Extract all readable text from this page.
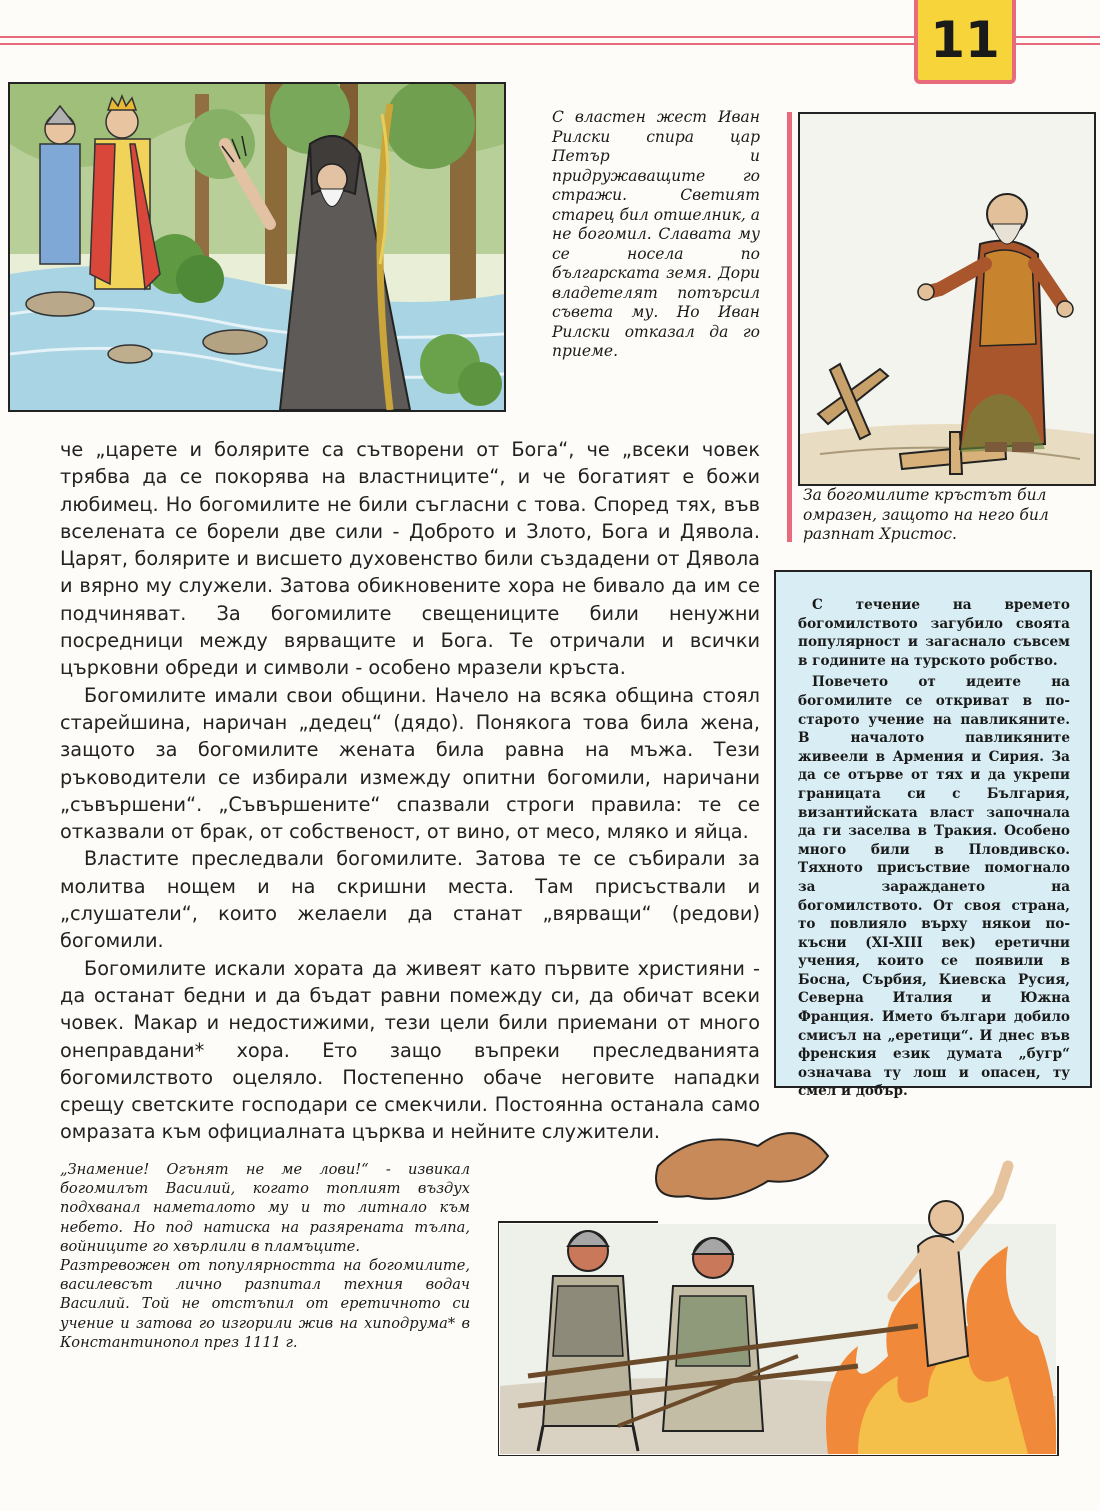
11

С властен жест Иван Рилски спира цар Петър и придружаващите го стражи. Светият старец бил отшелник, а не богомил. Славата му се носела по българската земя. Дори владетелят потърсил съвета му. Но Иван Рилски отказал да го приеме.

За богомилите кръстът бил омразен, защото на него бил разпнат Христос.

че „царете и болярите са сътворени от Бога“, че „всеки човек трябва да се покорява на властниците“, и че богатият е божи любимец. Но богомилите не били съгласни с това. Според тях, във вселената се борели две сили - Доброто и Злото, Бога и Дявола. Царят, болярите и висшето духовенство били създадени от Дявола и вярно му служели. Затова обикновените хора не бивало да им се подчиняват. За богомилите свещениците били ненужни посредници между вярващите и Бога. Те отричали и всички църковни обреди и символи - особено мразели кръста.

Богомилите имали свои общини. Начело на всяка община стоял старейшина, наричан „дедец“ (дядо). Понякога това била жена, защото за богомилите жената била равна на мъжа. Тези ръководители се избирали измежду опитни богомили, наричани „съвършени“. „Съвършените“ спазвали строги правила: те се отказвали от брак, от собственост, от вино, от месо, мляко и яйца.

Властите преследвали богомилите. Затова те се събирали за молитва нощем и на скришни места. Там присъствали и „слушатели“, които желаели да станат „вярващи“ (редови) богомили.

Богомилите искали хората да живеят като първите християни - да останат бедни и да бъдат равни помежду си, да обичат всеки човек. Макар и недостижими, тези цели били приемани от много онеправдани* хора. Ето защо въпреки преследванията богомилството оцеляло. Постепенно обаче неговите нападки срещу светските господари се смекчили. Постоянна останала само омразата към официалната църква и нейните служители.

С течение на времето богомилството загубило своята популярност и загаснало съвсем в годините на турското робство.

Повечето от идеите на богомилите се откриват в по-старото учение на павликяните. В началото павликяните живеели в Армения и Сирия. За да се отърве от тях и да укрепи границата си с България, византийската власт започнала да ги заселва в Тракия. Особено много били в Пловдивско. Тяхното присъствие помогнало за зараждането на богомилството. От своя страна, то повлияло върху някои по-късни (XI-XIII век) еретични учения, които се появили в Босна, Сърбия, Киевска Русия, Северна Италия и Южна Франция. Името българи добило смисъл на „еретици“. И днес във френския език думата „бугр“ означава ту лош и опасен, ту смел и добър.

„Знамение! Огънят не ме лови!“ - извикал богомилът Василий, когато топлият въздух подхванал наметалото му и то литнало към небето. Но под натиска на разярената тълпа, войниците го хвърлили в пламъците.

Разтревожен от популярността на богомилите, василевсът лично разпитал техния водач Василий. Той не отстъпил от еретичното си учение и затова го изгорили жив на хиподрума* в Константинопол през 1111 г.
